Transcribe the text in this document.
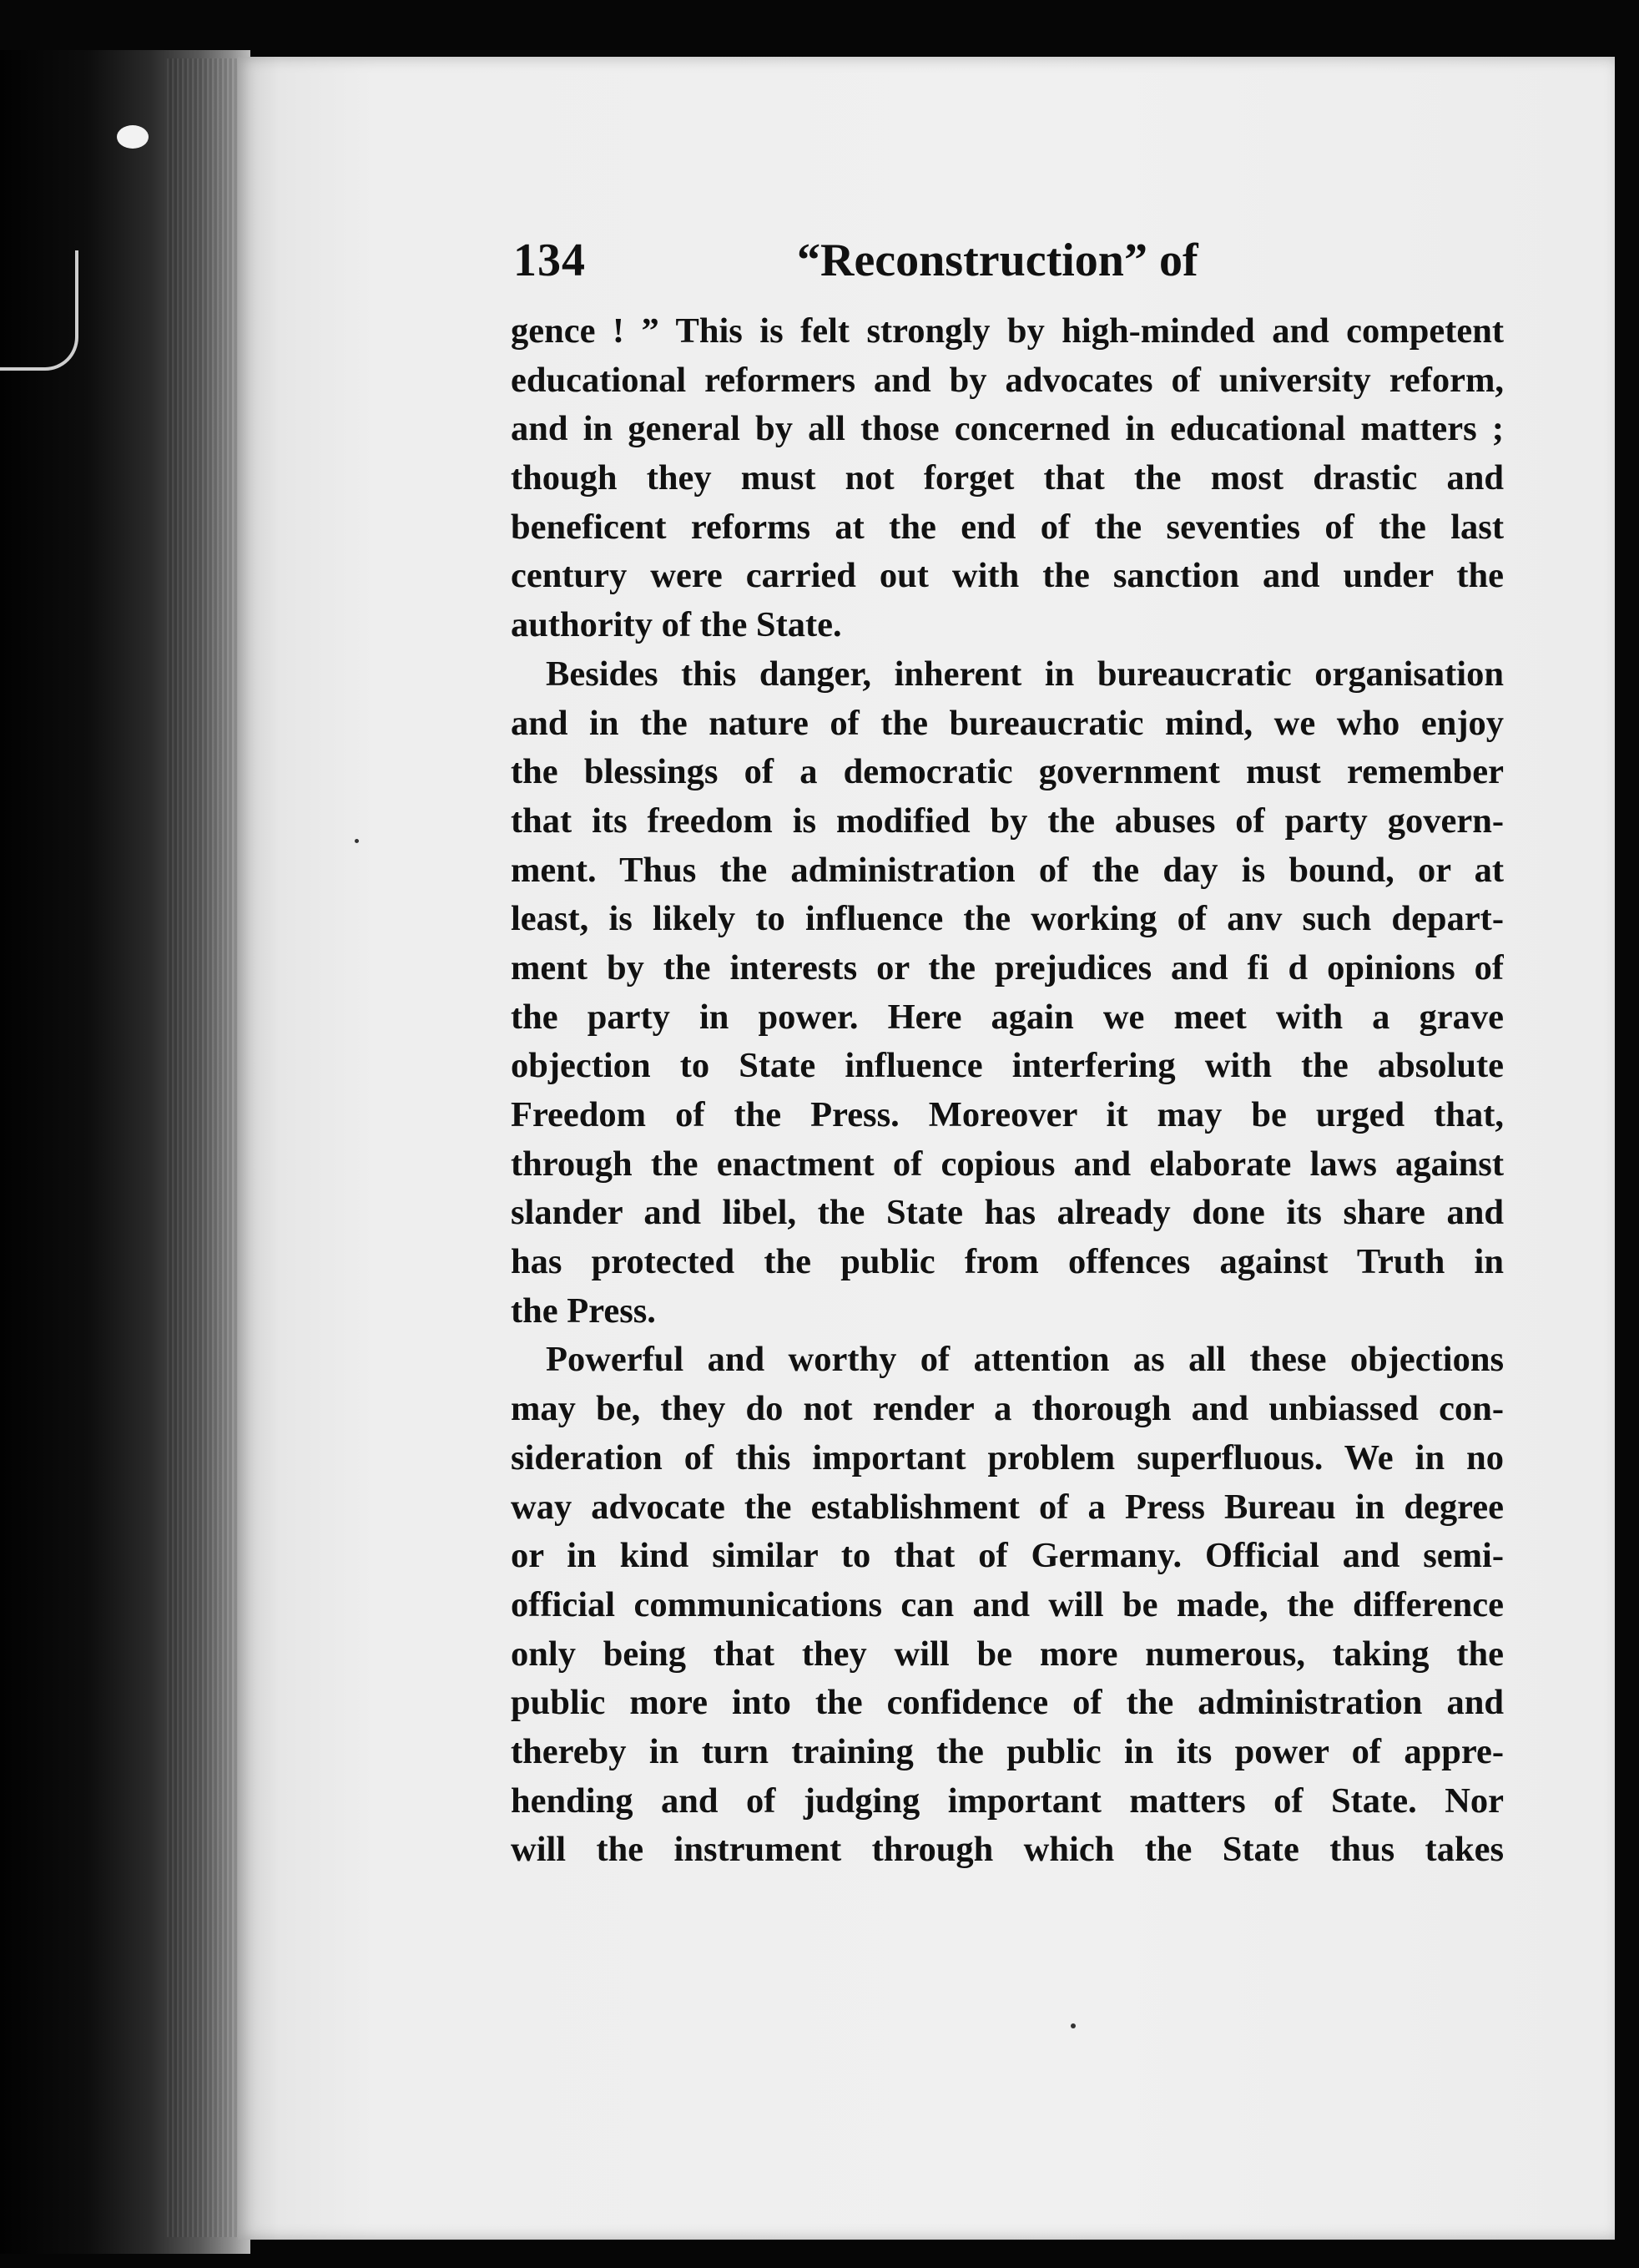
134	“Reconstruction” of
gence ! ” This is felt strongly by high-minded and competent
educational reformers and by advocates of university reform,
and in general by all those concerned in educational matters ;
though they must not forget that the most drastic and
beneficent reforms at the end of the seventies of the last
century were carried out with the sanction and under the
authority of the State.
Besides this danger, inherent in bureaucratic organisation
and in the nature of the bureaucratic mind, we who enjoy
the blessings of a democratic government must remember
that its freedom is modified by the abuses of party govern-
ment. Thus the administration of the day is bound, or at
least, is likely to influence the working of anv such depart-
ment by the interests or the prejudices and fi d opinions of
the party in power. Here again we meet with a grave
objection to State influence interfering with the absolute
Freedom of the Press. Moreover it may be urged that,
through the enactment of copious and elaborate laws against
slander and libel, the State has already done its share and
has protected the public from offences against Truth in
the Press.
Powerful and worthy of attention as all these objections
may be, they do not render a thorough and unbiassed con-
sideration of this important problem superfluous. We in no
way advocate the establishment of a Press Bureau in degree
or in kind similar to that of Germany. Official and semi-
official communications can and will be made, the difference
only being that they will be more numerous, taking the
public more into the confidence of the administration and
thereby in turn training the public in its power of appre-
hending and of judging important matters of State. Nor
will the instrument through which the State thus takes
